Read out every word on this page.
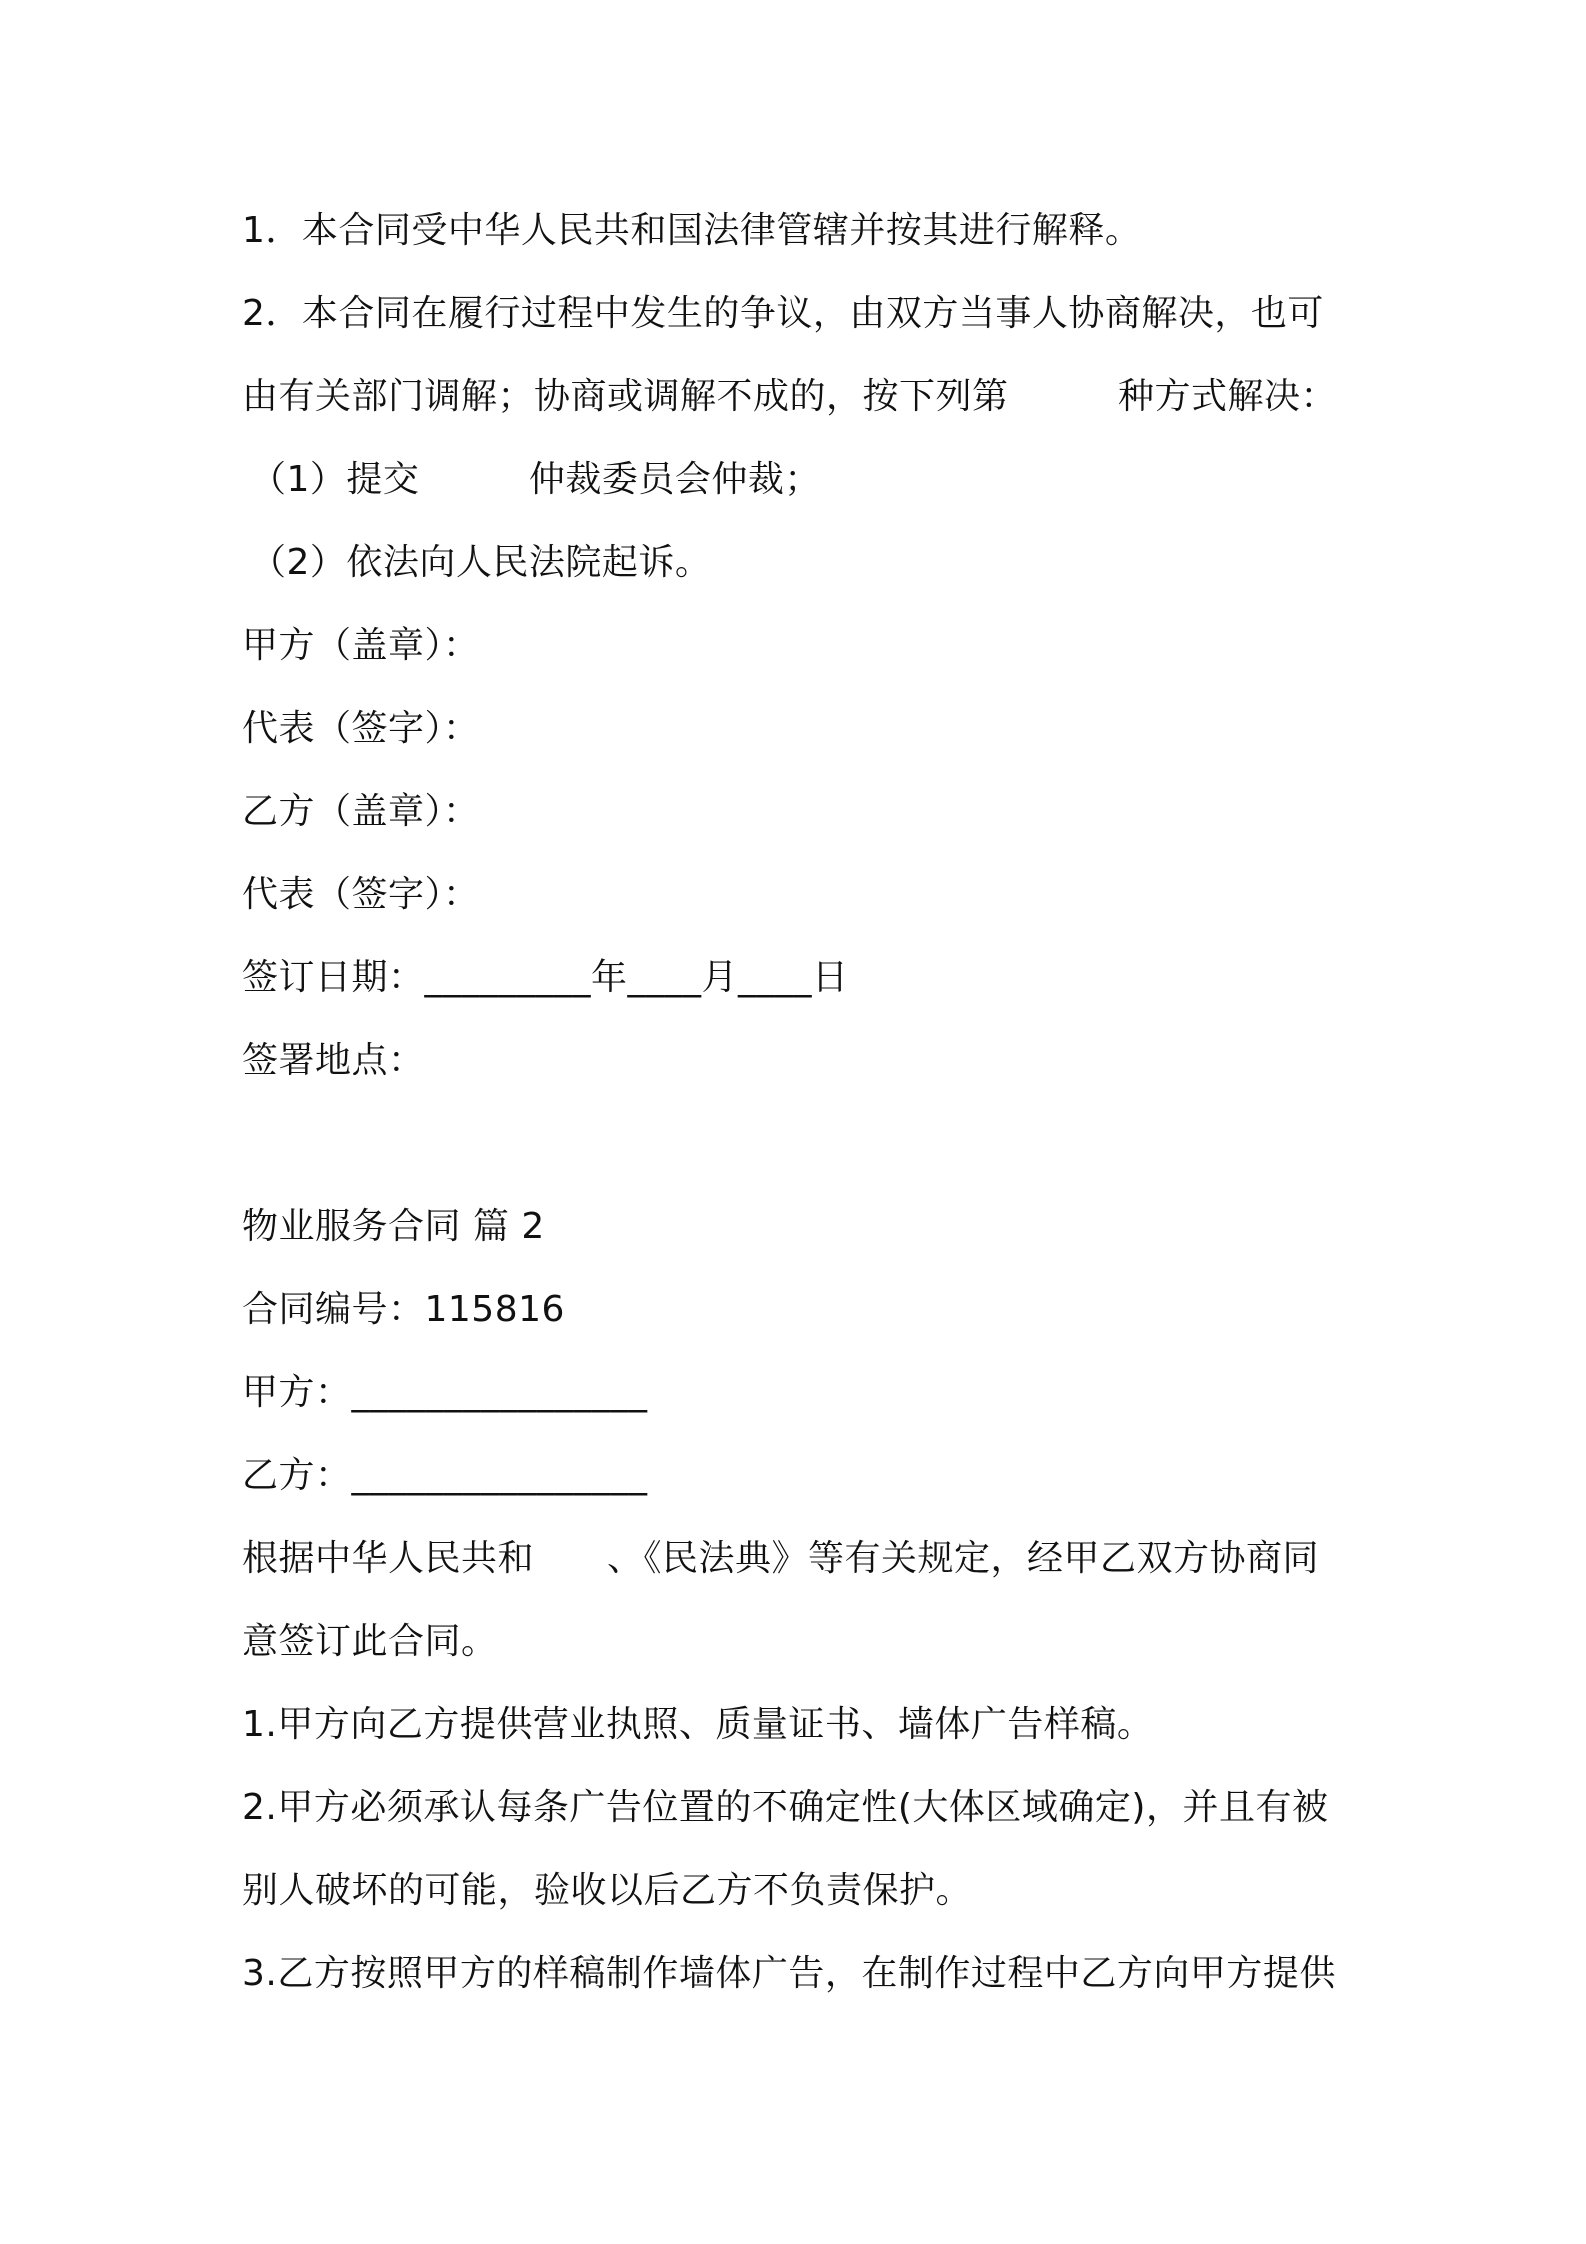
1．本合同受中华人民共和国法律管辖并按其进行解释。
2．本合同在履行过程中发生的争议，由双方当事人协商解决，也可
由有关部门调解；协商或调解不成的，按下列第　　　种方式解决：
（1）提交　　　仲裁委员会仲裁；
（2）依法向人民法院起诉。
甲方（盖章）：
代表（签字）：
乙方（盖章）：
代表（签字）：
签订日期：_________年____月____日
签署地点：
物业服务合同 篇 2
合同编号：115816
甲方：________________
乙方：________________
根据中华人民共和　　、《民法典》等有关规定，经甲乙双方协商同
意签订此合同。
1.甲方向乙方提供营业执照、质量证书、墙体广告样稿。
2.甲方必须承认每条广告位置的不确定性(大体区域确定)，并且有被
别人破坏的可能，验收以后乙方不负责保护。
3.乙方按照甲方的样稿制作墙体广告，在制作过程中乙方向甲方提供
